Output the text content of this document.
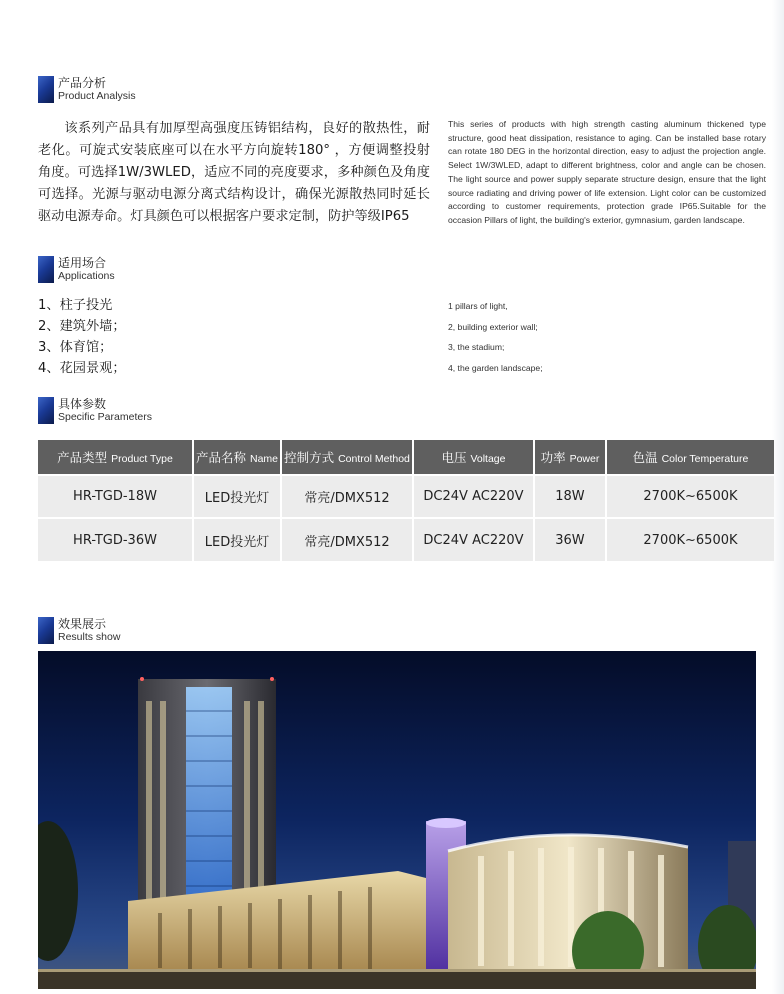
产品分析
Product Analysis

该系列产品具有加厚型高强度压铸铝结构，良好的散热性，耐老化。可旋式安装底座可以在水平方向旋转180° ，方便调整投射角度。可选择1W/3WLED，适应不同的亮度要求，多种颜色及角度可选择。光源与驱动电源分离式结构设计，确保光源散热同时延长驱动电源寿命。灯具颜色可以根据客户要求定制，防护等级IP65

This series of products with high strength casting aluminum thickened type structure, good heat dissipation, resistance to aging. Can be installed base rotary can rotate 180 DEG in the horizontal direction, easy to adjust the projection angle. Select 1W/3WLED, adapt to different brightness, color and angle can be chosen. The light source and power supply separate structure design, ensure that the light source radiating and driving power of life extension. Light color can be customized according to customer requirements, protection grade IP65.Suitable for the occasion Pillars of light, the building's exterior, gymnasium, garden landscape.

适用场合
Applications
1、柱子投光
2、建筑外墙；
3、体育馆；
4、花园景观；
1 pillars of light,
2, building exterior wall;
3, the stadium;
4, the garden landscape;
具体参数
Specific Parameters
产品类型 Product Type	产品名称 Name	控制方式 Control Method	电压 Voltage	功率 Power	色温 Color Temperature
HR-TGD-18W	LED投光灯	常亮/DMX512	DC24V AC220V	18W	2700K~6500K
HR-TGD-36W	LED投光灯	常亮/DMX512	DC24V AC220V	36W	2700K~6500K
效果展示
Results show
